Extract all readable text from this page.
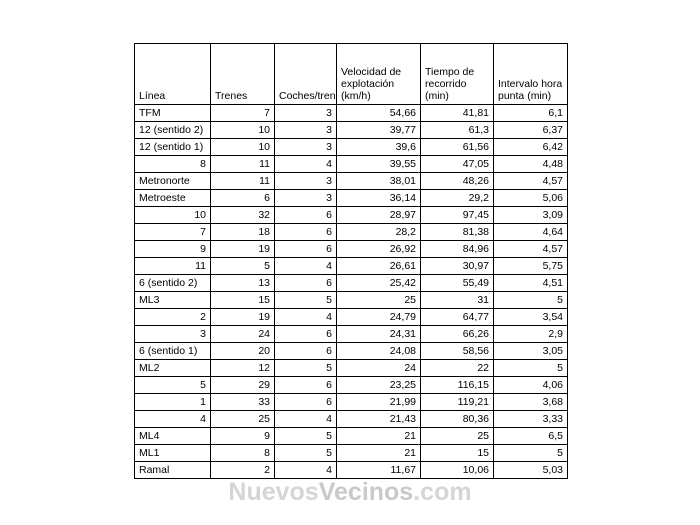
Línea	Trenes	Coches/tren	Velocidad de explotación (km/h)	Tiempo de recorrido (min)	Intervalo hora punta (min)
TFM	7	3	54,66	41,81	6,1
12 (sentido 2)	10	3	39,77	61,3	6,37
12 (sentido 1)	10	3	39,6	61,56	6,42
8	11	4	39,55	47,05	4,48
Metronorte	11	3	38,01	48,26	4,57
Metroeste	6	3	36,14	29,2	5,06
10	32	6	28,97	97,45	3,09
7	18	6	28,2	81,38	4,64
9	19	6	26,92	84,96	4,57
11	5	4	26,61	30,97	5,75
6 (sentido 2)	13	6	25,42	55,49	4,51
ML3	15	5	25	31	5
2	19	4	24,79	64,77	3,54
3	24	6	24,31	66,26	2,9
6 (sentido 1)	20	6	24,08	58,56	3,05
ML2	12	5	24	22	5
5	29	6	23,25	116,15	4,06
1	33	6	21,99	119,21	3,68
4	25	4	21,43	80,36	3,33
ML4	9	5	21	25	6,5
ML1	8	5	21	15	5
Ramal	2	4	11,67	10,06	5,03
NuevosVecinos.com
